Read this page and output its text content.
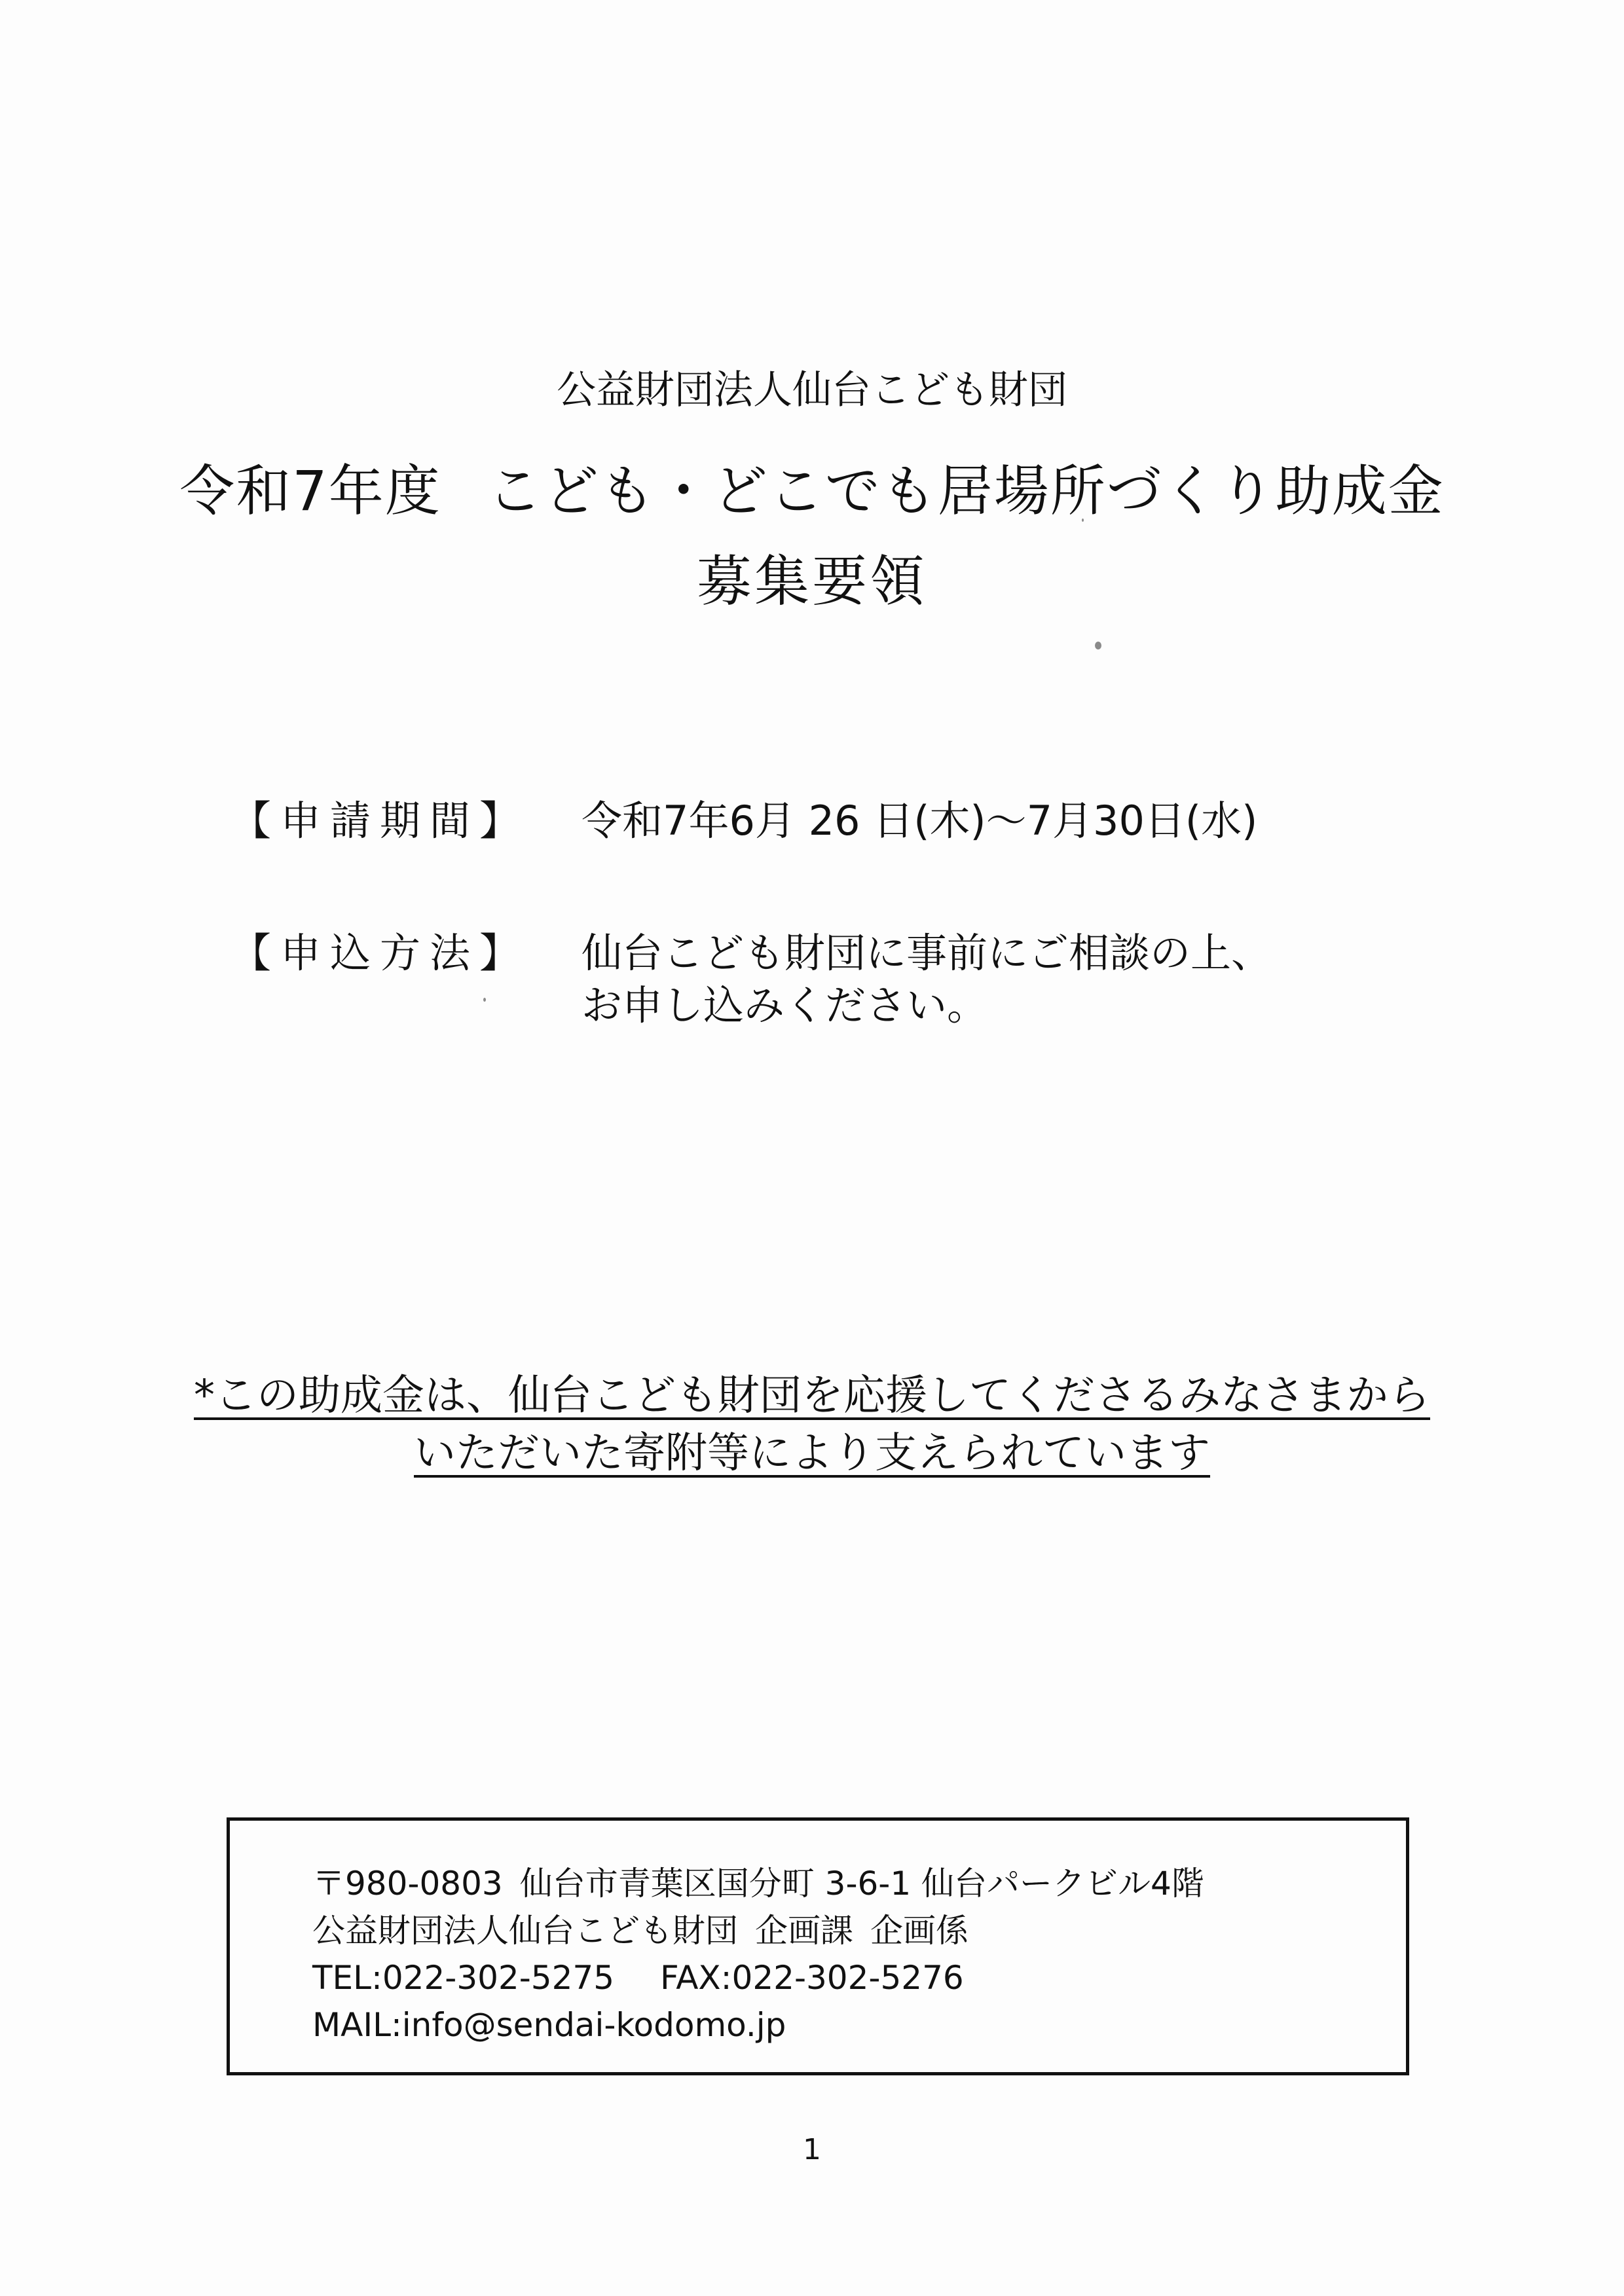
公益財団法人仙台こども財団
令和7年度 こども・どこでも居場所づくり助成金
募集要領
【申請期間】	令和7年6月 26 日(木)～7月30日(水)
【申込方法】	仙台こども財団に事前にご相談の上、
お申し込みください。
*この助成金は、仙台こども財団を応援してくださるみなさまから
いただいた寄附等により支えられています
〒980-0803 仙台市青葉区国分町 3-6-1 仙台パークビル4階
公益財団法人仙台こども財団 企画課 企画係
TEL:022-302-5275 FAX:022-302-5276
MAIL:info@sendai-kodomo.jp
1
